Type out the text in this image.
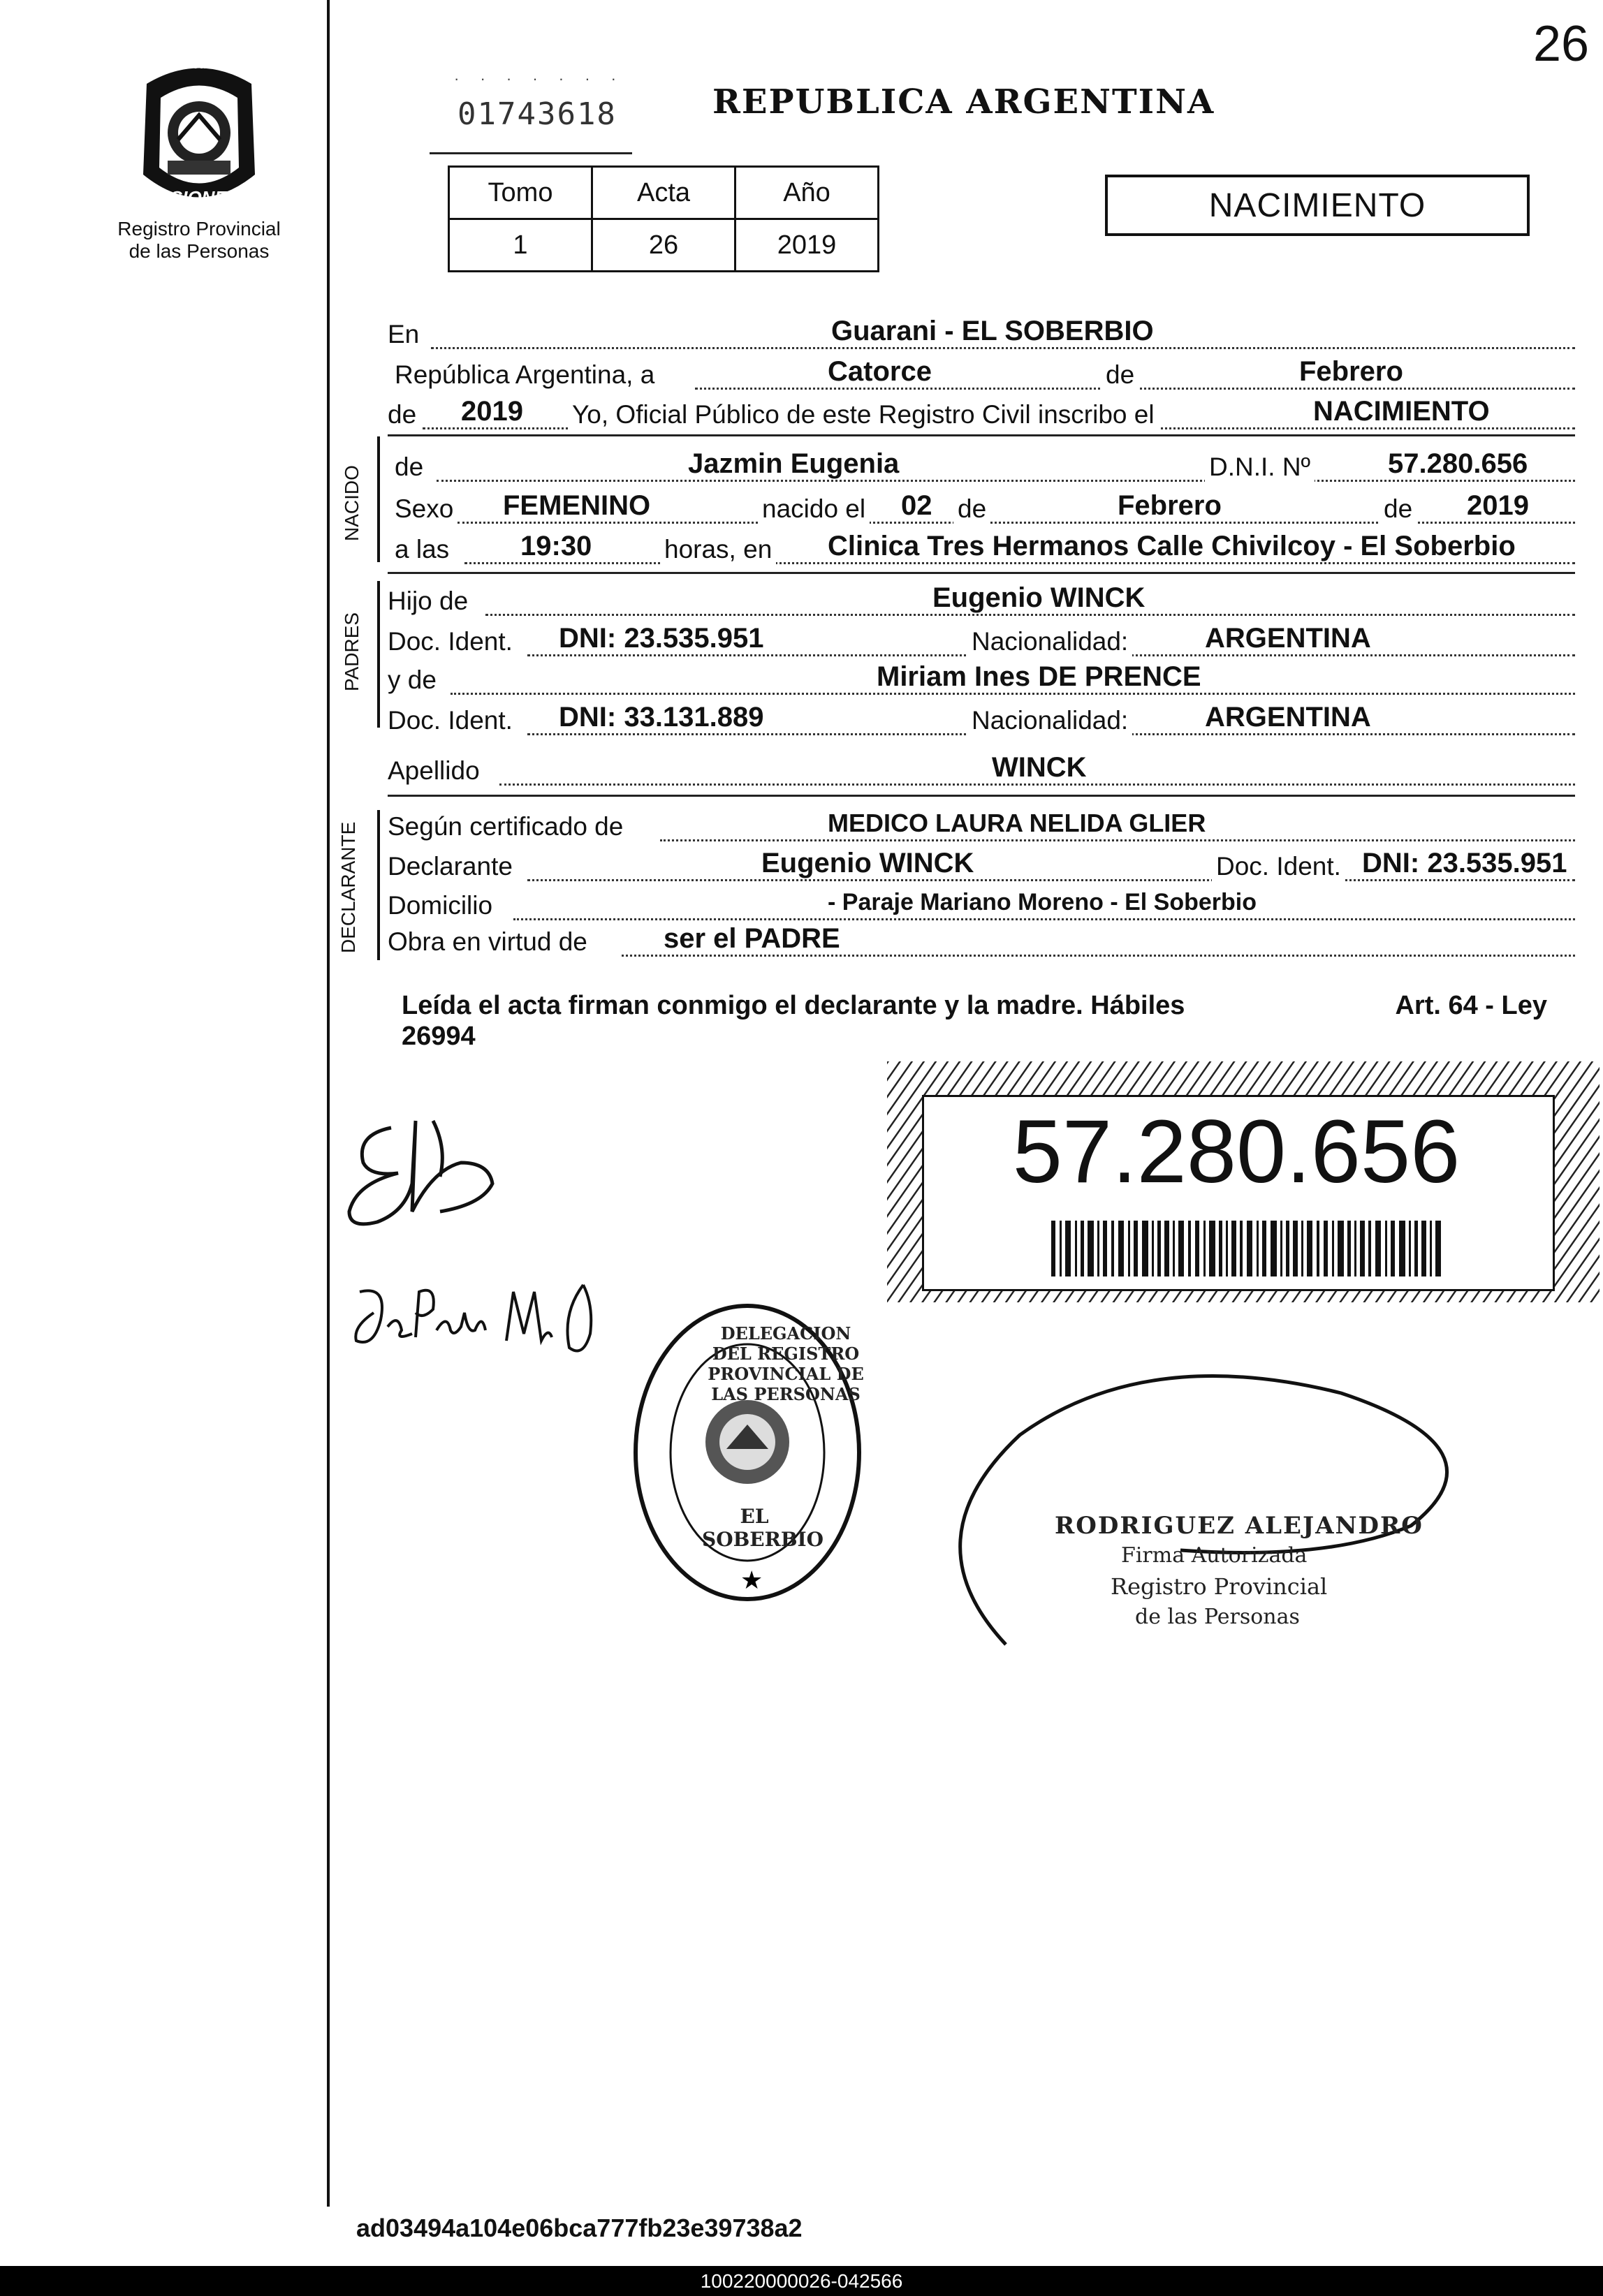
26
PROVINCIA DE
MISIONES
Registro Provincial
de las Personas
· · · · · · ·
01743618	REPUBLICA ARGENTINA
Tomo	Acta	Año
1	26	2019
NACIMIENTO
En	Guarani - EL SOBERBIO
República Argentina, a	Catorce	de	Febrero
de 2019 Yo, Oficial Público de este Registro Civil inscribo el	NACIMIENTO
NACIDO de	Jazmin Eugenia	D.N.I. Nº	57.280.656
Sexo FEMENINO	nacido el 02 de	Febrero	de 2019
a las	19:30	horas, en Clinica Tres Hermanos Calle Chivilcoy - El Soberbio
PADRES
Hijo de	Eugenio WINCK
Doc. Ident. DNI: 23.535.951	Nacionalidad:	ARGENTINA
y de	Miriam Ines DE PRENCE
Doc. Ident. DNI: 33.131.889	Nacionalidad:	ARGENTINA
Apellido	WINCK
DECLARANTE Según certificado de	MEDICO LAURA NELIDA GLIER
Declarante	Eugenio WINCK	Doc. Ident. DNI: 23.535.951
Domicilio	- Paraje Mariano Moreno - El Soberbio
Obra en virtud de	ser el PADRE
Leída el acta firman conmigo el declarante y la madre. Hábiles	Art. 64 - Ley
26994
57.280.656
★
DELEGACION DEL REGISTRO PROVINCIAL DE LAS PERSONAS
EL SOBERBIO	RODRIGUEZ ALEJANDRO
Firma Autorizada
Registro Provincial
de las Personas
ad03494a104e06bca777fb23e39738a2
100220000026-042566
